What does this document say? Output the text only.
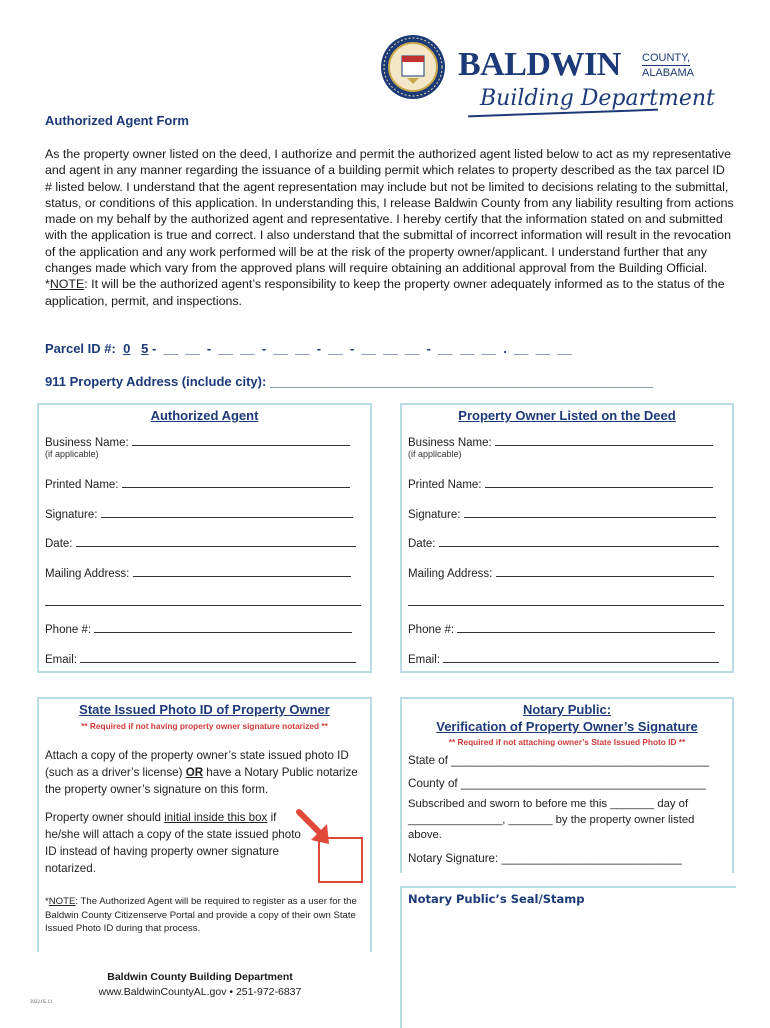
BALDWIN COUNTY,
ALABAMA
Building Department
Authorized Agent Form
As the property owner listed on the deed, I authorize and permit the authorized agent listed below to act as my representative and agent in any manner regarding the issuance of a building permit which relates to property described as the tax parcel ID # listed below. I understand that the agent representation may include but not be limited to decisions relating to the submittal, status, or conditions of this application. In understanding this, I release Baldwin County from any liability resulting from actions made on my behalf by the authorized agent and representative. I hereby certify that the information stated on and submitted with the application is true and correct. I also understand that the submittal of incorrect information will result in the revocation of the application and any work performed will be at the risk of the property owner/applicant. I understand further that any changes made which vary from the approved plans will require obtaining an additional approval from the Building Official. *NOTE: It will be the authorized agent’s responsibility to keep the property owner adequately informed as to the status of the application, permit, and inspections.
Parcel ID #: 0 5 -  __  __  -  __  __  -  __  __  -  __  -  __  __  __  -  __  __  __  .  __  __  __
911 Property Address (include city): _____________________________________________________
Authorized Agent
Business Name:
(if applicable)
Printed Name:
Signature:
Date:
Mailing Address:
Phone #:
Email:
Property Owner Listed on the Deed
Business Name:
(if applicable)
Printed Name:
Signature:
Date:
Mailing Address:
Phone #:
Email:
State Issued Photo ID of Property Owner
** Required if not having property owner signature notarized **
Attach a copy of the property owner’s state issued photo ID (such as a driver’s license) OR have a Notary Public notarize the property owner’s signature on this form.
Property owner should initial inside this box if he/she will attach a copy of the state issued photo ID instead of having property owner signature notarized.
*NOTE: The Authorized Agent will be required to register as a user for the Baldwin County Citizenserve Portal and provide a copy of their own State Issued Photo ID during that process.
Notary Public:
Verification of Property Owner’s Signature
** Required if not attaching owner’s State Issued Photo ID **
State of ________________________________________
County of ______________________________________
Subscribed and sworn to before me this _______ day of _______________, _______ by the property owner listed above.
Notary Signature: ____________________________
Notary Public’s Seal/Stamp
Baldwin County Building Department
www.BaldwinCountyAL.gov • 251-972-6837
2022.05.11
